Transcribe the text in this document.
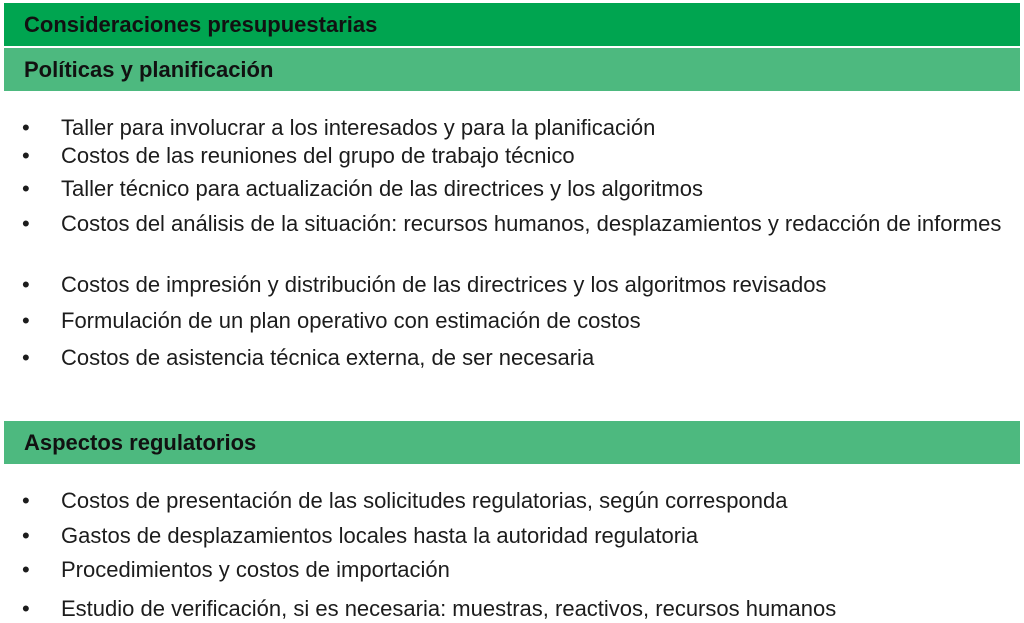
Consideraciones presupuestarias
Políticas y planificación
• Taller para involucrar a los interesados y para la planificación
• Costos de las reuniones del grupo de trabajo técnico
• Taller técnico para actualización de las directrices y los algoritmos
• Costos del análisis de la situación: recursos humanos, desplazamientos y redacción de informes
• Costos de impresión y distribución de las directrices y los algoritmos revisados
• Formulación de un plan operativo con estimación de costos
• Costos de asistencia técnica externa, de ser necesaria
Aspectos regulatorios
• Costos de presentación de las solicitudes regulatorias, según corresponda
• Gastos de desplazamientos locales hasta la autoridad regulatoria
• Procedimientos y costos de importación
• Estudio de verificación, si es necesaria: muestras, reactivos, recursos humanos
